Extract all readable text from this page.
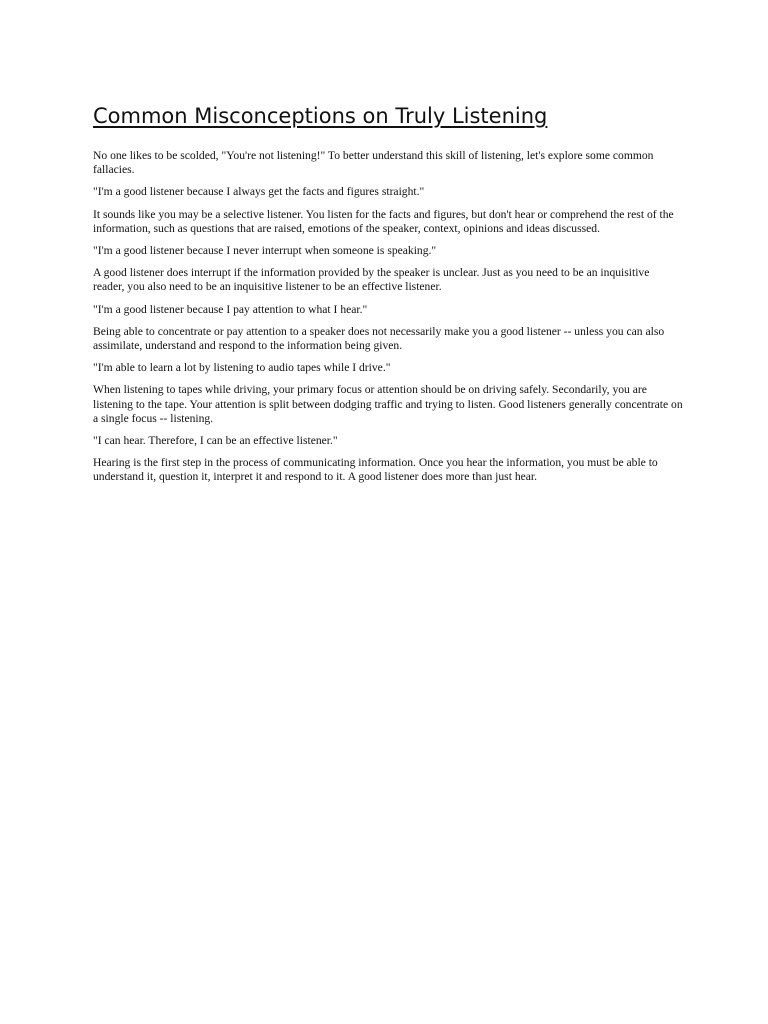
Common Misconceptions on Truly Listening

No one likes to be scolded, "You're not listening!" To better understand this skill of listening, let's explore some common fallacies.

"I'm a good listener because I always get the facts and figures straight."

It sounds like you may be a selective listener. You listen for the facts and figures, but don't hear or comprehend the rest of the information, such as questions that are raised, emotions of the speaker, context, opinions and ideas discussed.

"I'm a good listener because I never interrupt when someone is speaking."

A good listener does interrupt if the information provided by the speaker is unclear. Just as you need to be an inquisitive reader, you also need to be an inquisitive listener to be an effective listener.

"I'm a good listener because I pay attention to what I hear."

Being able to concentrate or pay attention to a speaker does not necessarily make you a good listener -- unless you can also assimilate, understand and respond to the information being given.

"I'm able to learn a lot by listening to audio tapes while I drive."

When listening to tapes while driving, your primary focus or attention should be on driving safely. Secondarily, you are listening to the tape. Your attention is split between dodging traffic and trying to listen. Good listeners generally concentrate on a single focus -- listening.

"I can hear. Therefore, I can be an effective listener."

Hearing is the first step in the process of communicating information. Once you hear the information, you must be able to understand it, question it, interpret it and respond to it. A good listener does more than just hear.
